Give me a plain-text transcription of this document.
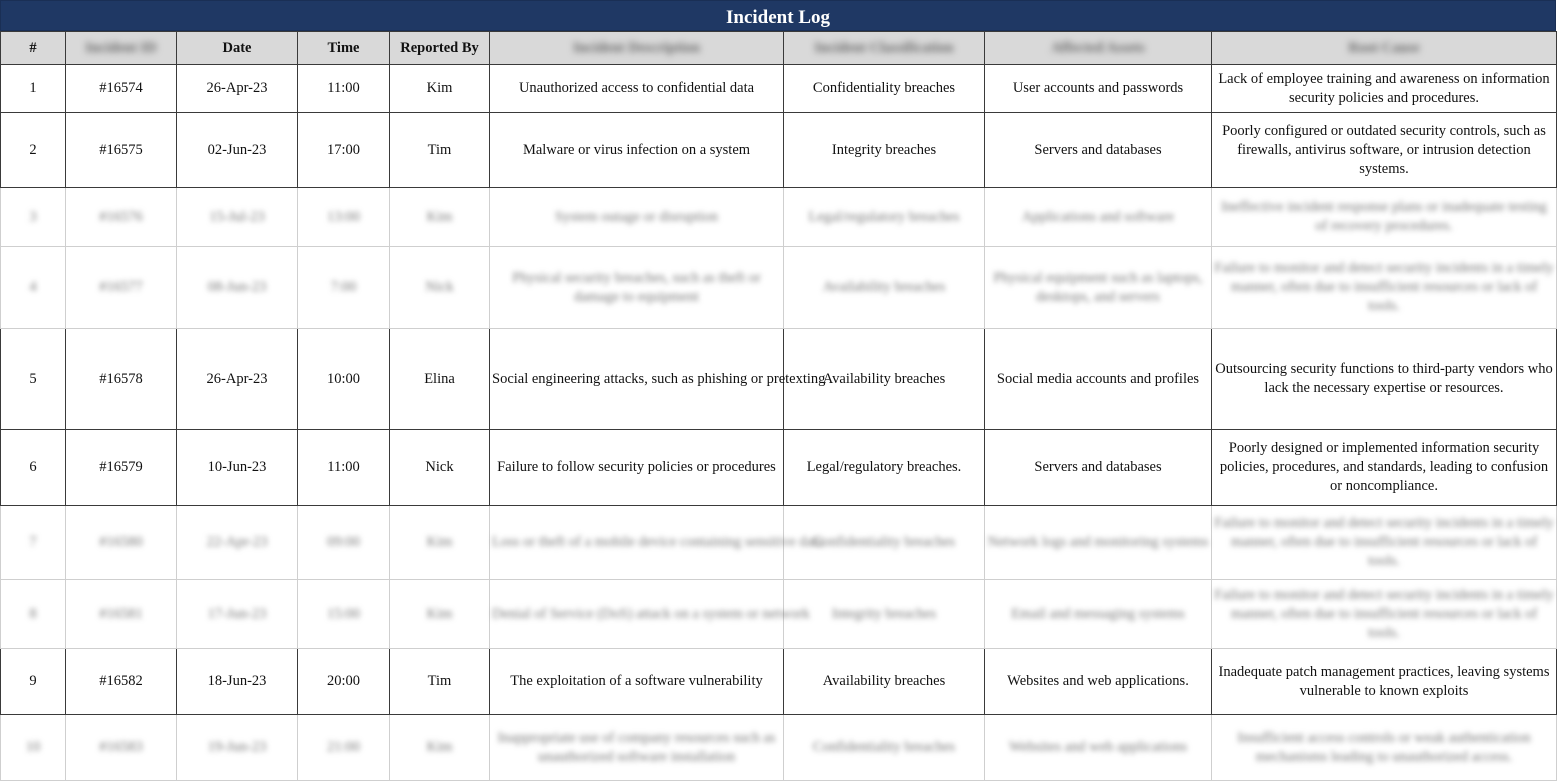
Incident Log
#	Incident ID	Date	Time	Reported By	Incident Description	Incident Classification	Affected Assets	Root Cause
1	#16574	26-Apr-23	11:00	Kim	Unauthorized access to confidential data	Confidentiality breaches	User accounts and passwords	Lack of employee training and awareness on information security policies and procedures.
2	#16575	02-Jun-23	17:00	Tim	Malware or virus infection on a system	Integrity breaches	Servers and databases	Poorly configured or outdated security controls, such as firewalls, antivirus software, or intrusion detection systems.
3	#16576	15-Jul-23	13:00	Kim	System outage or disruption	Legal/regulatory breaches	Applications and software	Ineffective incident response plans or inadequate testing of recovery procedures.
4	#16577	08-Jun-23	7:00	Nick	Physical security breaches, such as theft or damage to equipment	Availability breaches	Physical equipment such as laptops, desktops, and servers	Failure to monitor and detect security incidents in a timely manner, often due to insufficient resources or lack of tools.
5	#16578	26-Apr-23	10:00	Elina	Social engineering attacks, such as phishing or pretexting	Availability breaches	Social media accounts and profiles	Outsourcing security functions to third-party vendors who lack the necessary expertise or resources.
6	#16579	10-Jun-23	11:00	Nick	Failure to follow security policies or procedures	Legal/regulatory breaches.	Servers and databases	Poorly designed or implemented information security policies, procedures, and standards, leading to confusion or noncompliance.
7	#16580	22-Apr-23	09:00	Kim	Loss or theft of a mobile device containing sensitive data	Confidentiality breaches	Network logs and monitoring systems	Failure to monitor and detect security incidents in a timely manner, often due to insufficient resources or lack of tools.
8	#16581	17-Jun-23	15:00	Kim	Denial of Service (DoS) attack on a system or network	Integrity breaches	Email and messaging systems	Failure to monitor and detect security incidents in a timely manner, often due to insufficient resources or lack of tools.
9	#16582	18-Jun-23	20:00	Tim	The exploitation of a software vulnerability	Availability breaches	Websites and web applications.	Inadequate patch management practices, leaving systems vulnerable to known exploits
10	#16583	19-Jun-23	21:00	Kim	Inappropriate use of company resources such as unauthorized software installation	Confidentiality breaches	Websites and web applications	Insufficient access controls or weak authentication mechanisms leading to unauthorized access.
